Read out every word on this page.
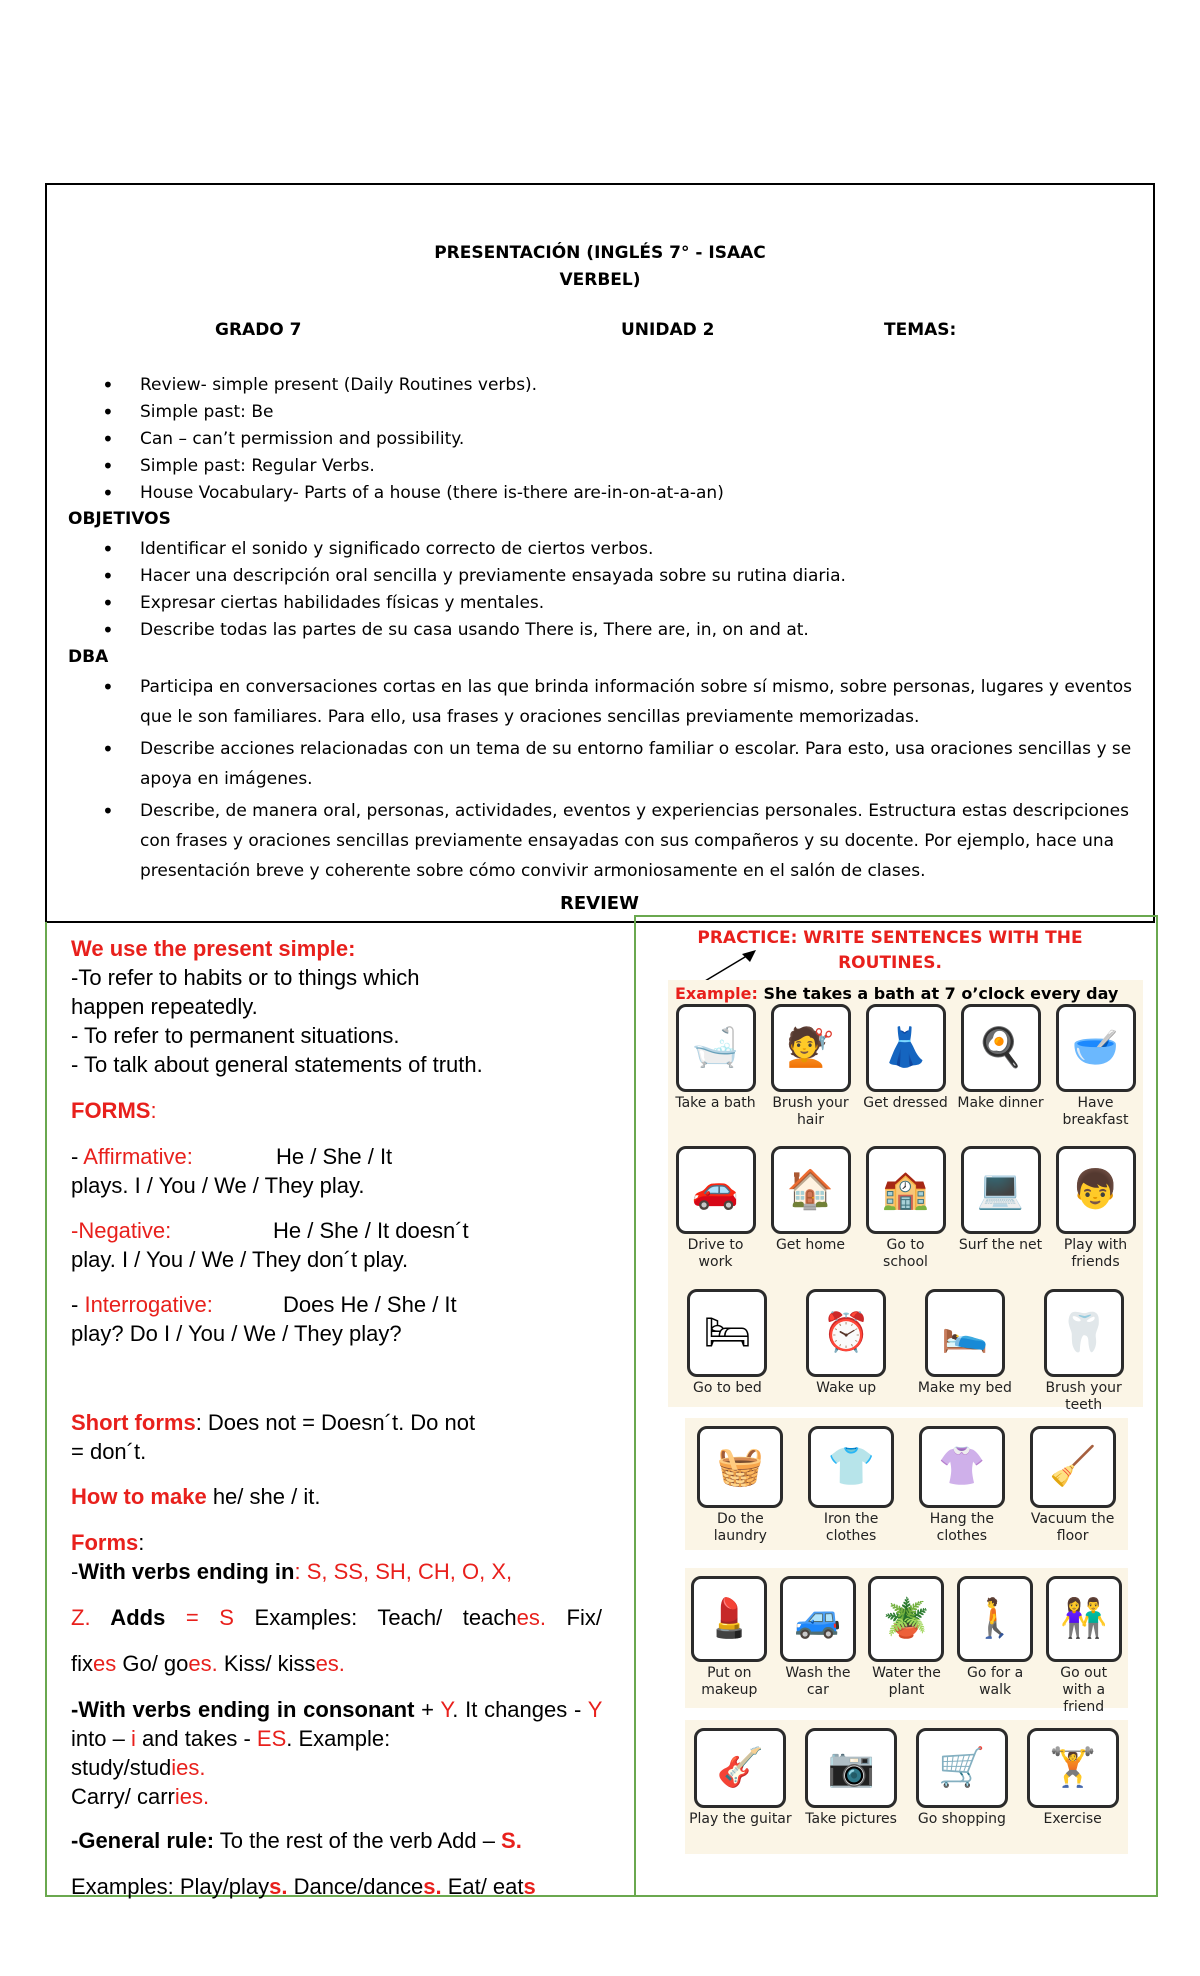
PRESENTACIÓN (INGLÉS 7° - ISAAC
VERBEL)
GRADO 7	UNIDAD 2	TEMAS:
• Review- simple present (Daily Routines verbs).
• Simple past: Be
• Can – can’t permission and possibility.
• Simple past: Regular Verbs.
• House Vocabulary- Parts of a house (there is-there are-in-on-at-a-an)
OBJETIVOS
• Identificar el sonido y significado correcto de ciertos verbos.
• Hacer una descripción oral sencilla y previamente ensayada sobre su rutina diaria.
• Expresar ciertas habilidades físicas y mentales.
• Describe todas las partes de su casa usando There is, There are, in, on and at.
DBA
• Participa en conversaciones cortas en las que brinda información sobre sí mismo, sobre personas, lugares y eventos que le son familiares. Para ello, usa frases y oraciones sencillas previamente memorizadas.
• Describe acciones relacionadas con un tema de su entorno familiar o escolar. Para esto, usa oraciones sencillas y se apoya en imágenes.
• Describe, de manera oral, personas, actividades, eventos y experiencias personales. Estructura estas descripciones con frases y oraciones sencillas previamente ensayadas con sus compañeros y su docente. Por ejemplo, hace una presentación breve y coherente sobre cómo convivir armoniosamente en el salón de clases.
REVIEW
We use the present simple:
-To refer to habits or to things which
happen repeatedly.
- To refer to permanent situations.
- To talk about general statements of truth.
FORMS:
- Affirmative:	He / She / It
plays. I / You / We / They play.
-Negative:	He / She / It doesn´t
play. I / You / We / They don´t play.
- Interrogative:	Does He / She / It
play? Do I / You / We / They play?
Short forms: Does not = Doesn´t. Do not
= don´t.
How to make he/ she / it.
Forms:
-With verbs ending in: S, SS, SH, CH, O, X,
Z. Adds = S Examples: Teach/ teaches. Fix/
fixes Go/ goes. Kiss/ kisses.
-With verbs ending in consonant + Y. It changes - Y into – i and takes - ES. Example:
study/studies.
Carry/ carries.
-General rule: To the rest of the verb Add – S.
Examples: Play/plays. Dance/dances. Eat/ eats
PRACTICE: WRITE SENTENCES WITH THE
ROUTINES.
Example: She takes a bath at 7 o’clock every day
🛁
Take a bath
💇
Brush your hair
👗
Get dressed
🍳
Make dinner
🥣
Have breakfast
🚗
Drive to work
🏠
Get home
🏫
Go to school
💻
Surf the net
👦
Play with friends
🛏
Go to bed
⏰
Wake up
🛌
Make my bed
🦷
Brush your teeth
🧺
Do the laundry
👕
Iron the clothes
👚
Hang the clothes
🧹
Vacuum the floor
💄
Put on makeup
🚙
Wash the car
🪴
Water the plant
🚶
Go for a walk
👫
Go out with a friend
🎸
Play the guitar
📷
Take pictures
🛒
Go shopping
🏋
Exercise
